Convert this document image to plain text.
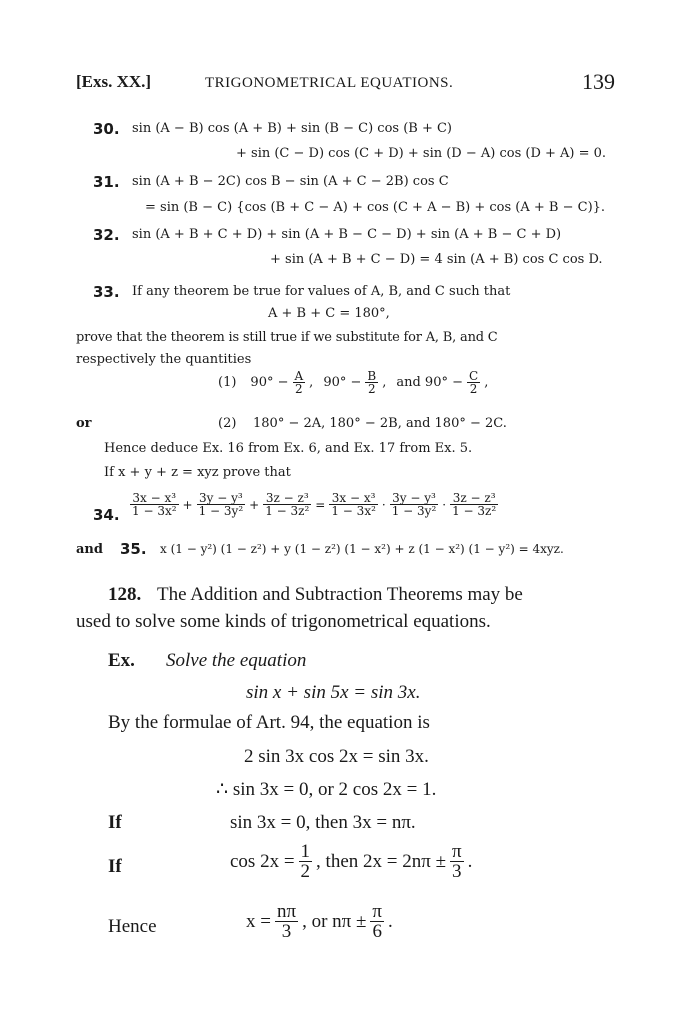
[Exs. XX.]	TRIGONOMETRICAL EQUATIONS.	139
30. sin (A − B) cos (A + B) + sin (B − C) cos (B + C)
+ sin (C − D) cos (C + D) + sin (D − A) cos (D + A) = 0.
31. sin (A + B − 2C) cos B − sin (A + C − 2B) cos C
= sin (B − C) {cos (B + C − A) + cos (C + A − B) + cos (A + B − C)}.
32. sin (A + B + C + D) + sin (A + B − C − D) + sin (A + B − C + D)
+ sin (A + B + C − D) = 4 sin (A + B) cos C cos D.
33. If any theorem be true for values of A, B, and C such that
A + B + C = 180°,
prove that the theorem is still true if we substitute for A, B, and C
respectively the quantities
(1) $90^\circ - \frac{A}{2}$ , $90^\circ - \frac{B}{2}$ , and $90^\circ - \frac{C}{2}$ ,
or	(2) 180° − 2A, 180° − 2B, and 180° − 2C.
Hence deduce Ex. 16 from Ex. 6, and Ex. 17 from Ex. 5.
If x + y + z = xyz prove that
34. $\frac{\text{3x − x³}}{\text{1 − 3x²}} + \frac{\text{3y − y³}}{\text{1 − 3y²}} + \frac{\text{3z − z³}}{\text{1 − 3z²}} = \frac{\text{3x − x³}}{\text{1 − 3x²}} \cdot \frac{\text{3y − y³}}{\text{1 − 3y²}} \cdot \frac{\text{3z − z³}}{\text{1 − 3z²}}$
and 35. x (1 − y²) (1 − z²) + y (1 − z²) (1 − x²) + z (1 − x²) (1 − y²) = 4xyz.
128. The Addition and Subtraction Theorems may be
used to solve some kinds of trigonometrical equations.
Ex. Solve the equation
sin x + sin 5x = sin 3x.
By the formulae of Art. 94, the equation is
2 sin 3x cos 2x = sin 3x.
∴ sin 3x = 0, or 2 cos 2x = 1.
If	sin 3x = 0, then 3x = nπ.
If	$\cos 2x = \frac{1}{2}$ , then $2x = 2n\pi \pm \frac{\pi}{3}$ .
Hence	$x = \frac{n\pi}{3}$ , or $n\pi \pm \frac{\pi}{6}$ .
